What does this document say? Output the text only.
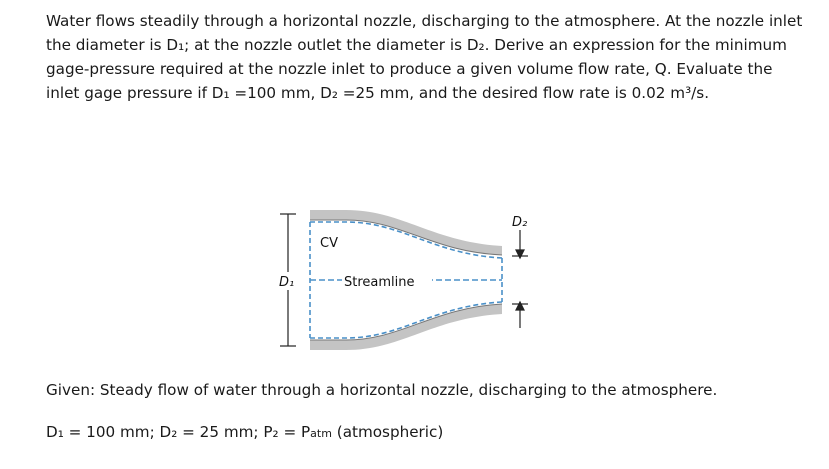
Water flows steadily through a horizontal nozzle, discharging to the atmosphere. At the nozzle inlet the diameter is D₁; at the nozzle outlet the diameter is D₂. Derive an expression for the minimum gage-pressure required at the nozzle inlet to produce a given volume flow rate, Q. Evaluate the inlet gage pressure if D₁ =100 mm, D₂ =25 mm, and the desired flow rate is 0.02 m³/s.

D₁
D₂
CV
Streamline

Given: Steady flow of water through a horizontal nozzle, discharging to the atmosphere.

D₁ = 100 mm; D₂ = 25 mm; P₂ = Patm (atmospheric)
